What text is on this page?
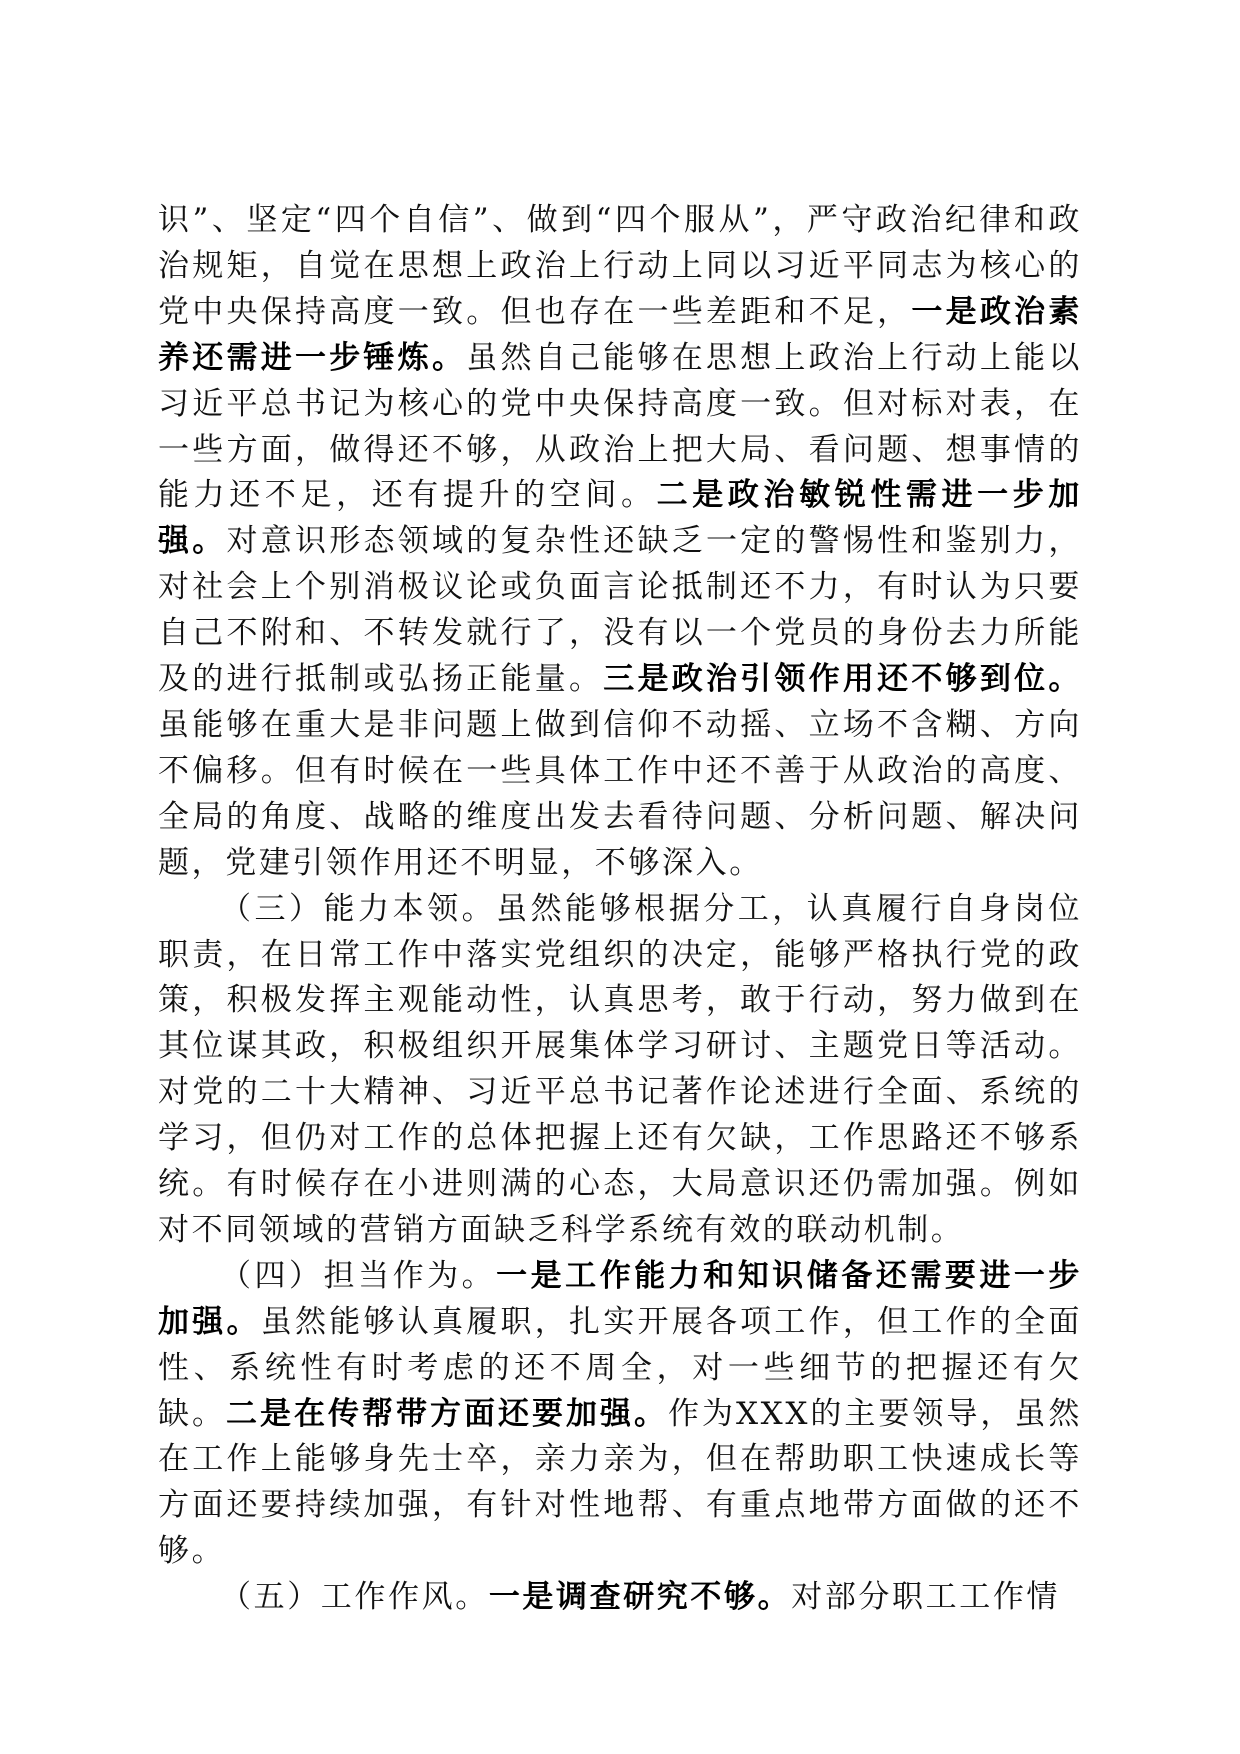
识”、坚定“四个自信”、做到“四个服从”，严守政治纪律和政治规矩，自觉在思想上政治上行动上同以习近平同志为核心的党中央保持高度一致。但也存在一些差距和不足，一是政治素养还需进一步锤炼。虽然自己能够在思想上政治上行动上能以习近平总书记为核心的党中央保持高度一致。但对标对表，在一些方面，做得还不够，从政治上把大局、看问题、想事情的能力还不足，还有提升的空间。二是政治敏锐性需进一步加强。对意识形态领域的复杂性还缺乏一定的警惕性和鉴别力，对社会上个别消极议论或负面言论抵制还不力，有时认为只要自己不附和、不转发就行了，没有以一个党员的身份去力所能及的进行抵制或弘扬正能量。三是政治引领作用还不够到位。虽能够在重大是非问题上做到信仰不动摇、立场不含糊、方向不偏移。但有时候在一些具体工作中还不善于从政治的高度、全局的角度、战略的维度出发去看待问题、分析问题、解决问题，党建引领作用还不明显，不够深入。

（三）能力本领。虽然能够根据分工，认真履行自身岗位职责，在日常工作中落实党组织的决定，能够严格执行党的政策，积极发挥主观能动性，认真思考，敢于行动，努力做到在其位谋其政，积极组织开展集体学习研讨、主题党日等活动。对党的二十大精神、习近平总书记著作论述进行全面、系统的学习，但仍对工作的总体把握上还有欠缺，工作思路还不够系统。有时候存在小进则满的心态，大局意识还仍需加强。例如对不同领域的营销方面缺乏科学系统有效的联动机制。

（四）担当作为。一是工作能力和知识储备还需要进一步加强。虽然能够认真履职，扎实开展各项工作，但工作的全面性、系统性有时考虑的还不周全，对一些细节的把握还有欠缺。二是在传帮带方面还要加强。作为XXX的主要领导，虽然在工作上能够身先士卒，亲力亲为，但在帮助职工快速成长等方面还要持续加强，有针对性地帮、有重点地带方面做的还不够。

（五）工作作风。一是调查研究不够。对部分职工工作情
